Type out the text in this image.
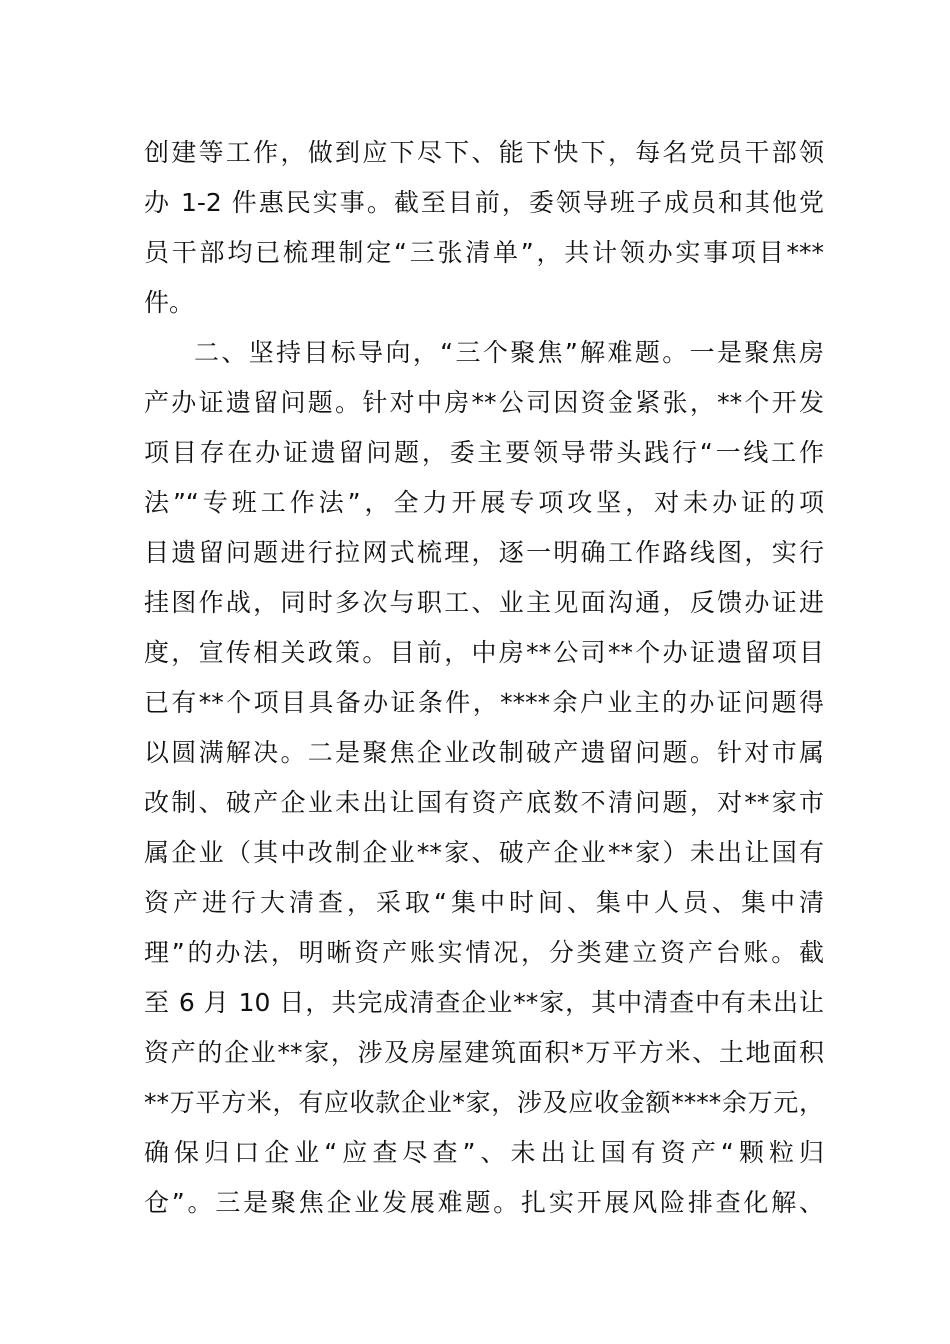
创建等工作，做到应下尽下、能下快下，每名党员干部领
办 1-2 件惠民实事。截至目前，委领导班子成员和其他党
员干部均已梳理制定“三张清单”，共计领办实事项目***
件。
二、坚持目标导向，“三个聚焦”解难题。一是聚焦房
产办证遗留问题。针对中房**公司因资金紧张，**个开发
项目存在办证遗留问题，委主要领导带头践行“一线工作
法”“专班工作法”，全力开展专项攻坚，对未办证的项
目遗留问题进行拉网式梳理，逐一明确工作路线图，实行
挂图作战，同时多次与职工、业主见面沟通，反馈办证进
度，宣传相关政策。目前，中房**公司**个办证遗留项目
已有**个项目具备办证条件，****余户业主的办证问题得
以圆满解决。二是聚焦企业改制破产遗留问题。针对市属
改制、破产企业未出让国有资产底数不清问题，对**家市
属企业（其中改制企业**家、破产企业**家）未出让国有
资产进行大清查，采取“集中时间、集中人员、集中清
理”的办法，明晰资产账实情况，分类建立资产台账。截
至 6 月 10 日，共完成清查企业**家，其中清查中有未出让
资产的企业**家，涉及房屋建筑面积*万平方米、土地面积
**万平方米，有应收款企业*家，涉及应收金额****余万元，
确保归口企业“应查尽查”、未出让国有资产“颗粒归
仓”。三是聚焦企业发展难题。扎实开展风险排查化解、
